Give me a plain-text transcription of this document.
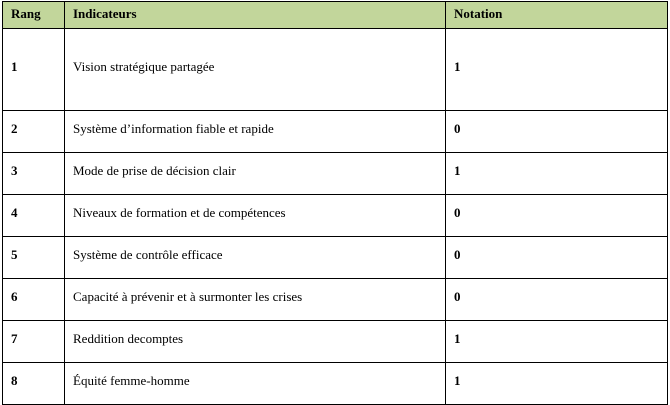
Rang	Indicateurs	Notation
1	Vision stratégique partagée	1
2	Système d’information fiable et rapide	0
3	Mode de prise de décision clair	1
4	Niveaux de formation et de compétences	0
5	Système de contrôle efficace	0
6	Capacité à prévenir et à surmonter les crises	0
7	Reddition decomptes	1
8	Équité femme-homme	1
